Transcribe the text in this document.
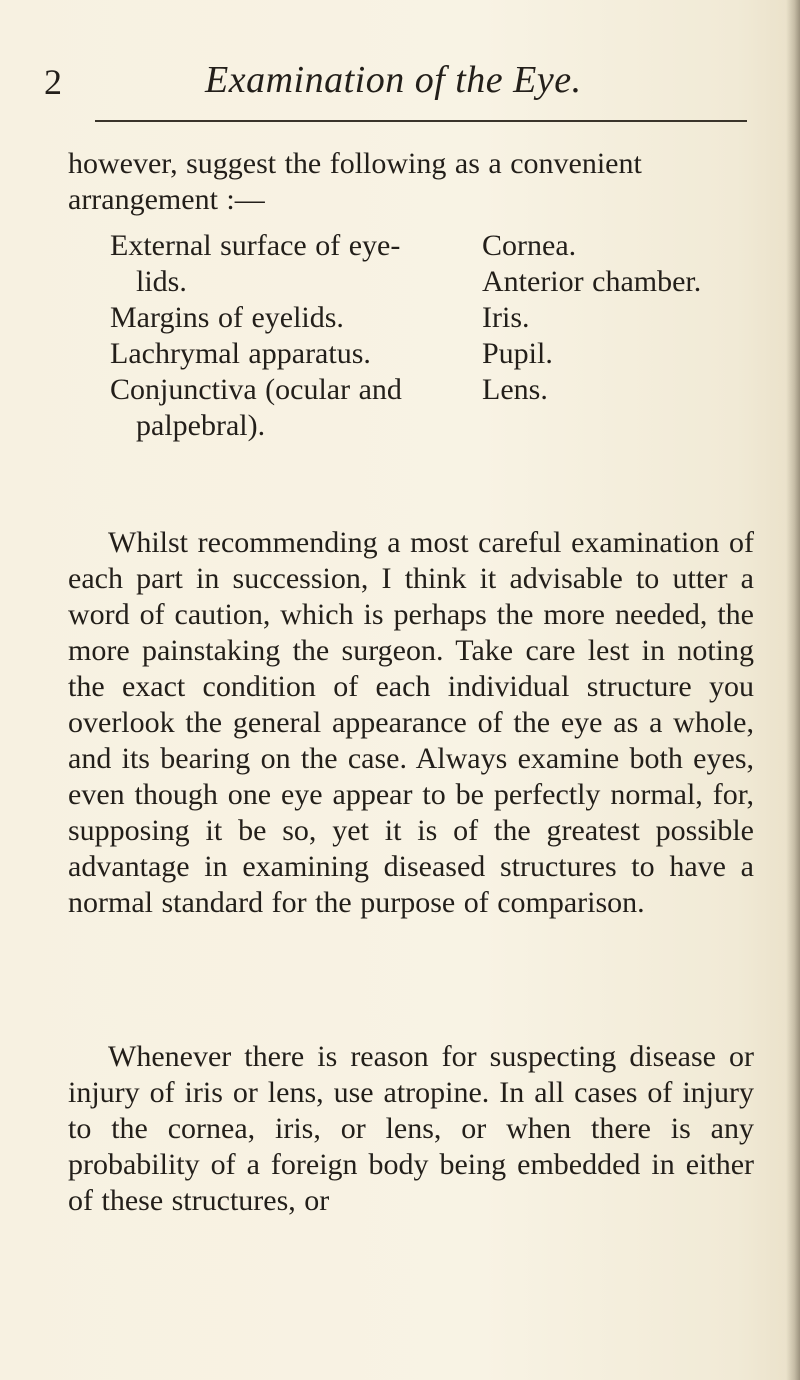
2	Examination of the Eye.
however, suggest the following as a convenient arrangement :—
External surface of eye-
lids.
Margins of eyelids.
Lachrymal apparatus.
Conjunctiva (ocular and
palpebral).
Cornea.
Anterior chamber.
Iris.
Pupil.
Lens.

Whilst recommending a most careful examination of each part in succession, I think it advisable to utter a word of caution, which is perhaps the more needed, the more painstaking the surgeon. Take care lest in noting the exact condition of each individual structure you overlook the general appearance of the eye as a whole, and its bearing on the case. Always examine both eyes, even though one eye appear to be perfectly normal, for, supposing it be so, yet it is of the greatest possible advantage in examining diseased structures to have a normal standard for the purpose of comparison.

Whenever there is reason for suspecting disease or injury of iris or lens, use atropine. In all cases of injury to the cornea, iris, or lens, or when there is any probability of a foreign body being embedded in either of these structures, or
